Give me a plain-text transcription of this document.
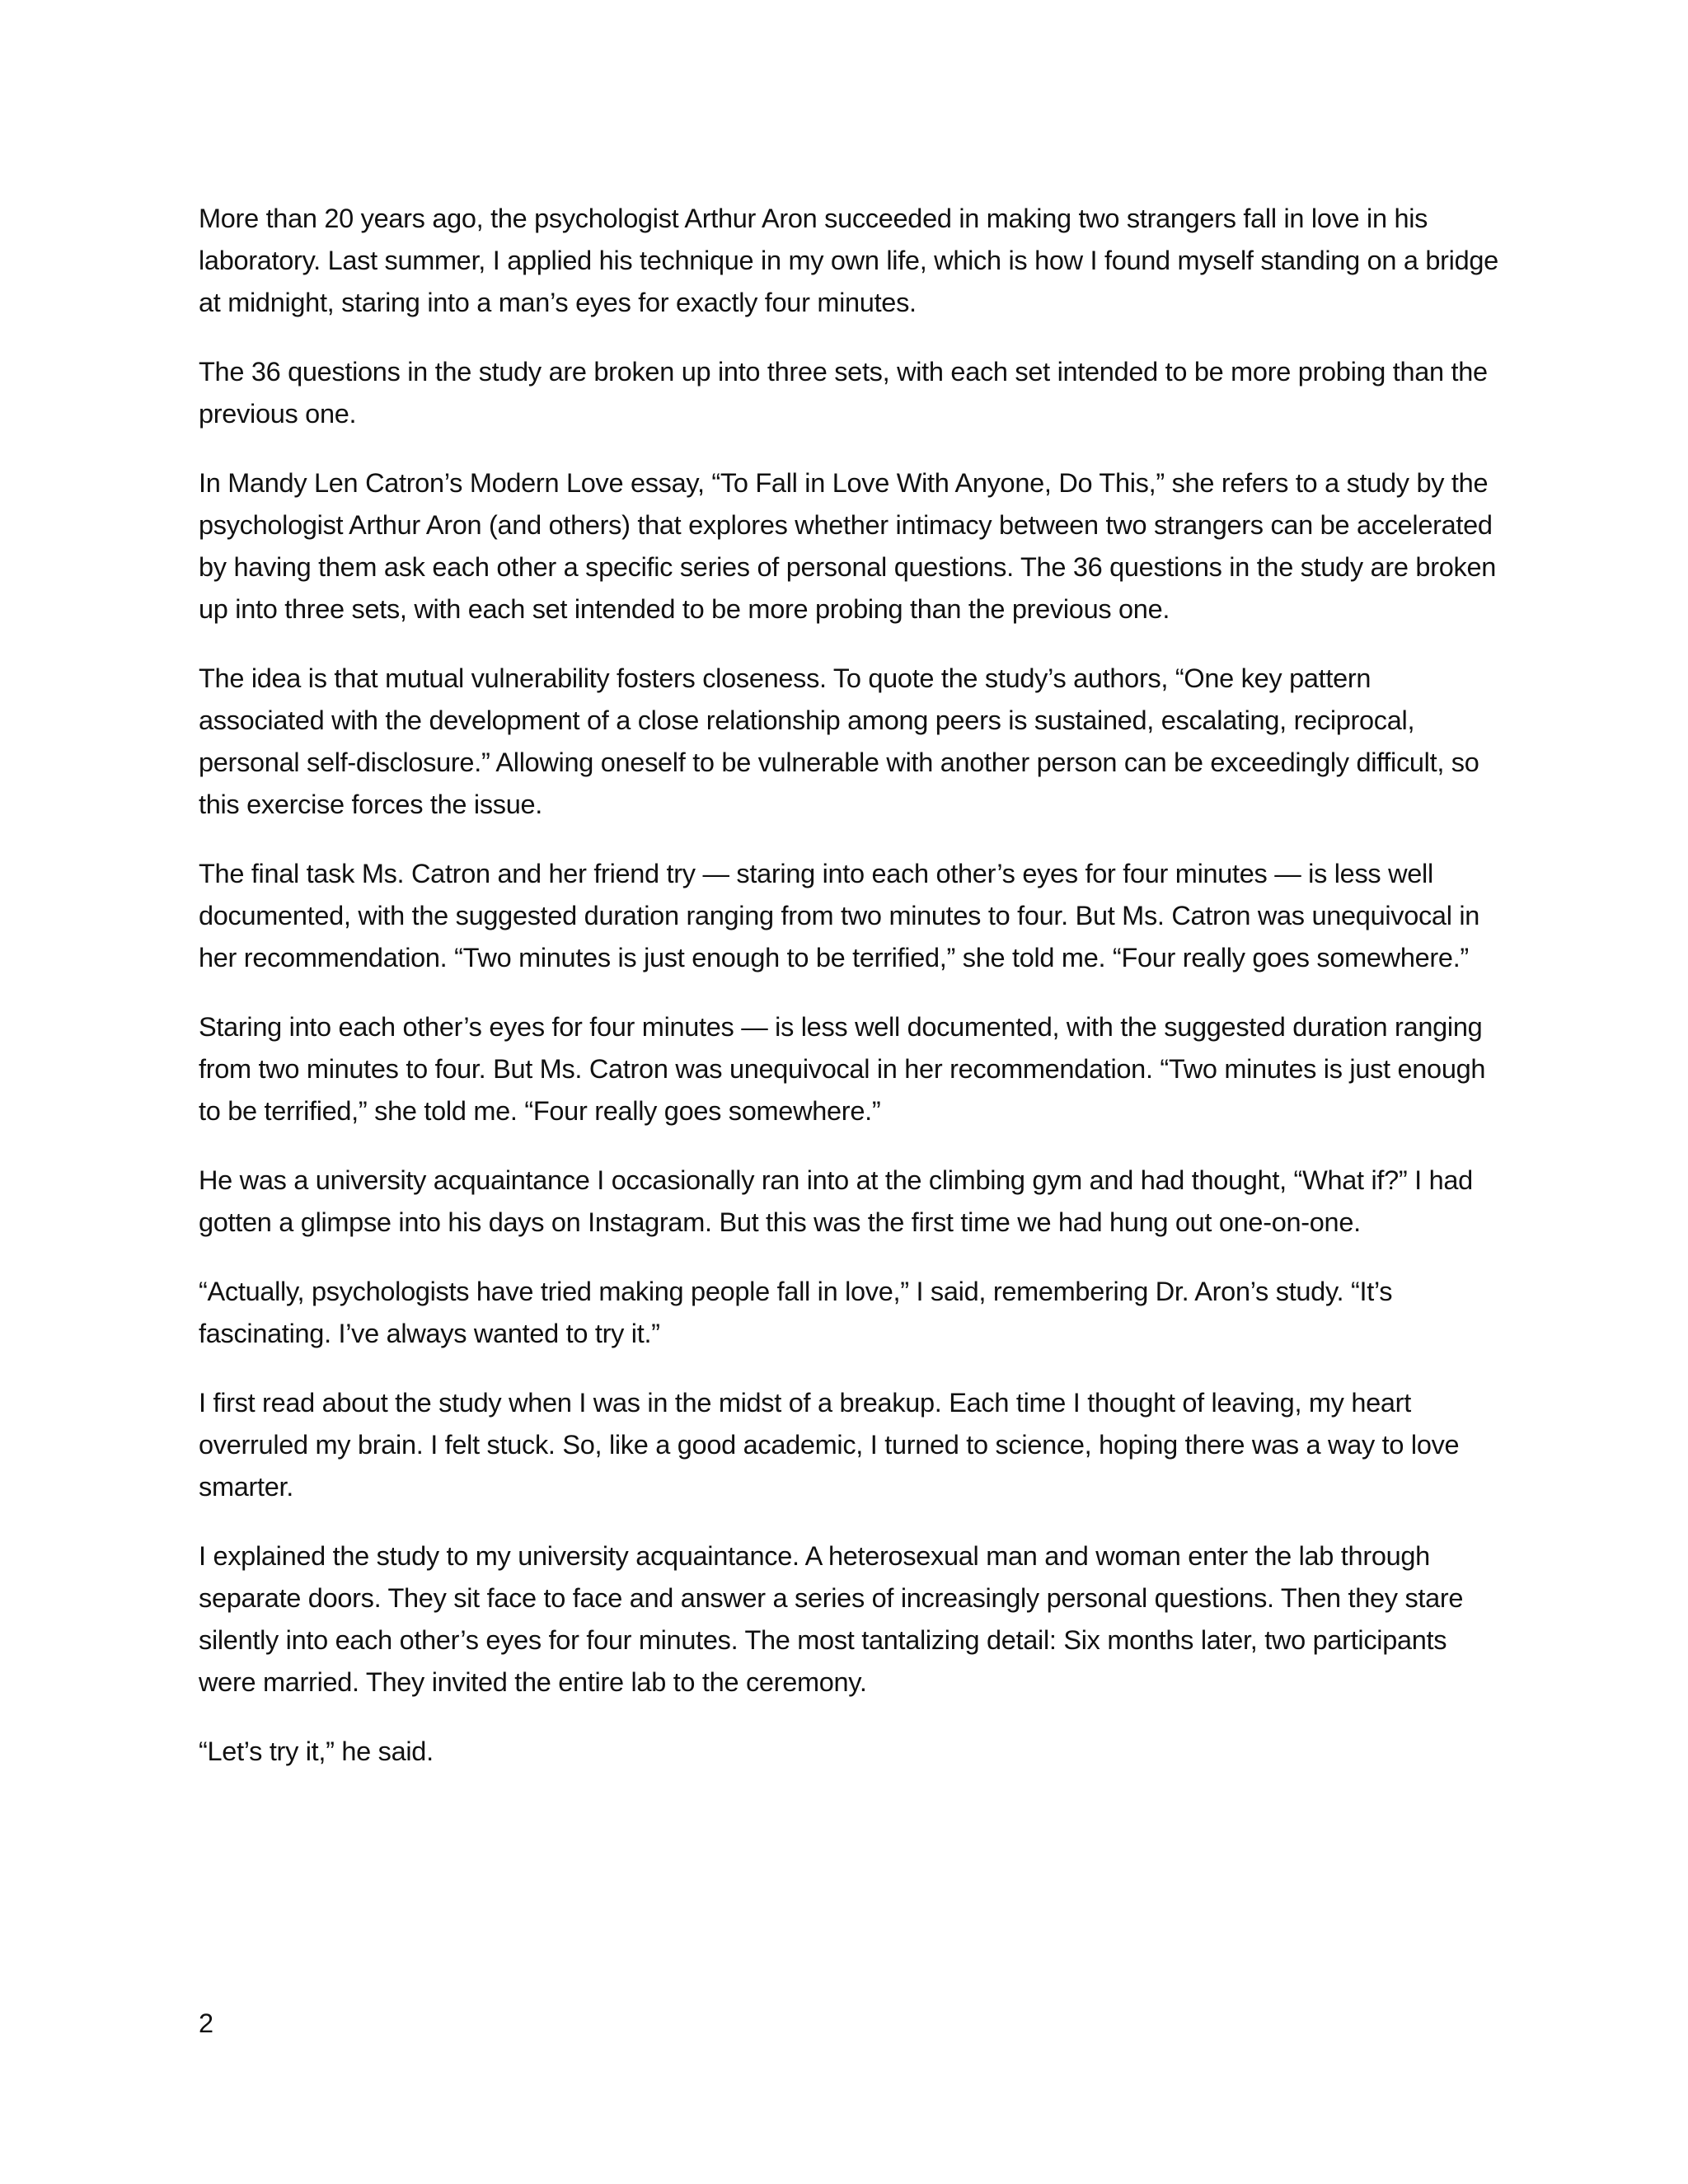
More than 20 years ago, the psychologist Arthur Aron succeeded in making two strangers fall in love in his laboratory. Last summer, I applied his technique in my own life, which is how I found myself standing on a bridge at midnight, staring into a man’s eyes for exactly four minutes.

The 36 questions in the study are broken up into three sets, with each set intended to be more probing than the previous one.

In Mandy Len Catron’s Modern Love essay, “To Fall in Love With Anyone, Do This,” she refers to a study by the psychologist Arthur Aron (and others) that explores whether intimacy between two strangers can be accelerated by having them ask each other a specific series of personal questions. The 36 questions in the study are broken up into three sets, with each set intended to be more probing than the previous one.

The idea is that mutual vulnerability fosters closeness. To quote the study’s authors, “One key pattern associated with the development of a close relationship among peers is sustained, escalating, reciprocal, personal self-disclosure.” Allowing oneself to be vulnerable with another person can be exceedingly difficult, so this exercise forces the issue.

The final task Ms. Catron and her friend try — staring into each other’s eyes for four minutes — is less well documented, with the suggested duration ranging from two minutes to four. But Ms. Catron was unequivocal in her recommendation. “Two minutes is just enough to be terrified,” she told me. “Four really goes somewhere.”

Staring into each other’s eyes for four minutes — is less well documented, with the suggested duration ranging from two minutes to four. But Ms. Catron was unequivocal in her recommendation. “Two minutes is just enough to be terrified,” she told me. “Four really goes somewhere.”

He was a university acquaintance I occasionally ran into at the climbing gym and had thought, “What if?” I had gotten a glimpse into his days on Instagram. But this was the first time we had hung out one-on-one.

“Actually, psychologists have tried making people fall in love,” I said, remembering Dr. Aron’s study. “It’s fascinating. I’ve always wanted to try it.”

I first read about the study when I was in the midst of a breakup. Each time I thought of leaving, my heart overruled my brain. I felt stuck. So, like a good academic, I turned to science, hoping there was a way to love smarter.

I explained the study to my university acquaintance. A heterosexual man and woman enter the lab through separate doors. They sit face to face and answer a series of increasingly personal questions. Then they stare silently into each other’s eyes for four minutes. The most tantalizing detail: Six months later, two participants were married. They invited the entire lab to the ceremony.

“Let’s try it,” he said.

2
